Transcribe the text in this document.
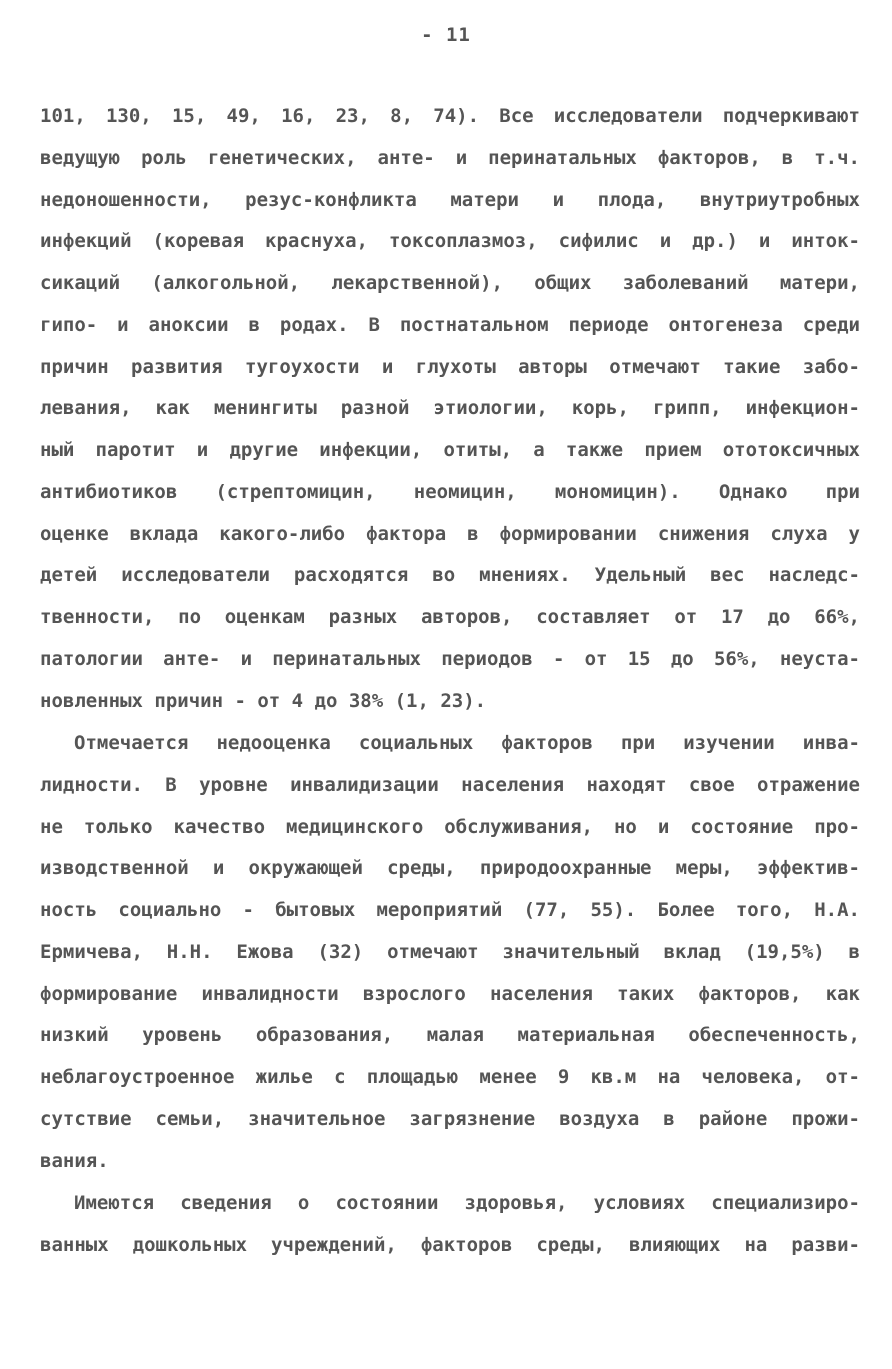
- 11
101, 130, 15, 49, 16, 23, 8, 74). Все исследователи подчеркивают
ведущую роль генетических, анте- и перинатальных факторов, в т.ч.
недоношенности, резус-конфликта матери и плода, внутриутробных
инфекций (коревая краснуха, токсоплазмоз, сифилис и др.) и инток-
сикаций (алкогольной, лекарственной), общих заболеваний матери,
гипо- и аноксии в родах. В постнатальном периоде онтогенеза среди
причин развития тугоухости и глухоты авторы отмечают такие забо-
левания, как менингиты разной этиологии, корь, грипп, инфекцион-
ный паротит и другие инфекции, отиты, а также прием ототоксичных
антибиотиков (стрептомицин, неомицин, мономицин). Однако при
оценке вклада какого-либо фактора в формировании снижения слуха у
детей исследователи расходятся во мнениях. Удельный вес наследс-
твенности, по оценкам разных авторов, составляет от 17 до 66%,
патологии анте- и перинатальных периодов - от 15 до 56%, неуста-
новленных причин - от 4 до 38% (1, 23).
Отмечается недооценка социальных факторов при изучении инва-
лидности. В уровне инвалидизации населения находят свое отражение
не только качество медицинского обслуживания, но и состояние про-
изводственной и окружающей среды, природоохранные меры, эффектив-
ность социально - бытовых мероприятий (77, 55). Более того, Н.А.
Ермичева, Н.Н. Ежова (32) отмечают значительный вклад (19,5%) в
формирование инвалидности взрослого населения таких факторов, как
низкий уровень образования, малая материальная обеспеченность,
неблагоустроенное жилье с площадью менее 9 кв.м на человека, от-
сутствие семьи, значительное загрязнение воздуха в районе прожи-
вания.
Имеются сведения о состоянии здоровья, условиях специализиро-
ванных дошкольных учреждений, факторов среды, влияющих на разви-
